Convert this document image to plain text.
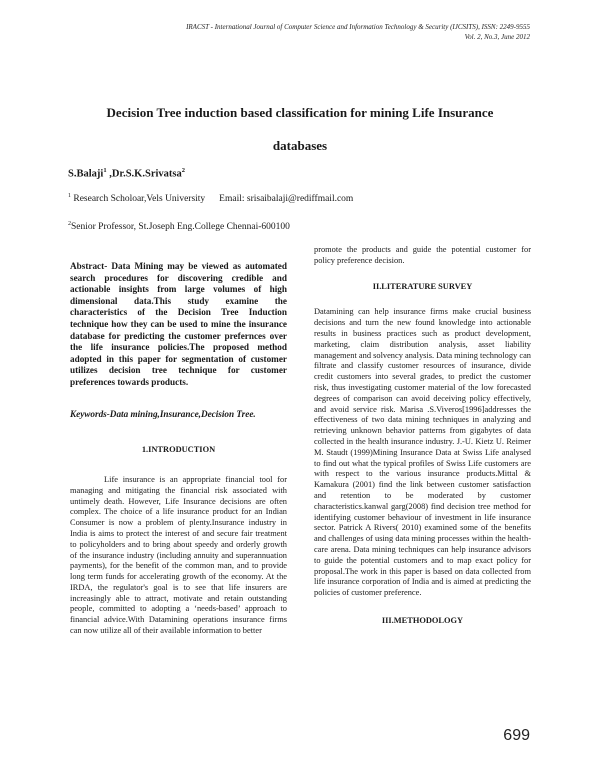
IRACST - International Journal of Computer Science and Information Technology & Security (IJCSITS), ISSN: 2249-9555
Vol. 2, No.3, June 2012
Decision Tree induction based classification for mining Life Insurance
databases
S.Balaji$^1$ ,Dr.S.K.Srivatsa$^2$
$^1$ Research Scholoar,Vels University Email: srisaibalaji@rediffmail.com
$^2$Senior Professor, St.Joseph Eng.College Chennai-600100

Abstract- Data Mining may be viewed as automated search procedures for discovering credible and actionable insights from large volumes of high dimensional data.This study examine the characteristics of the Decision Tree Induction technique how they can be used to mine the insurance database for predicting the customer prefernces over the life insurance policies.The proposed method adopted in this paper for segmentation of customer utilizes decision tree technique for customer preferences towards products.

Keywords-Data mining,Insurance,Decision Tree.

1.INTRODUCTION

Life insurance is an appropriate financial tool for managing and mitigating the financial risk associated with untimely death. However, Life Insurance decisions are often complex. The choice of a life insurance product for an Indian Consumer is now a problem of plenty.Insurance industry in India is aims to protect the interest of and secure fair treatment to policyholders and to bring about speedy and orderly growth of the insurance industry (including annuity and superannuation payments), for the benefit of the common man, and to provide long term funds for accelerating growth of the economy. At the IRDA, the regulator's goal is to see that life insurers are increasingly able to attract, motivate and retain outstanding people, committed to adopting a ‘needs-based’ approach to financial advice.With Datamining operations insurance firms can now utilize all of their available information to better

promote the products and guide the potential customer for policy preference decision.

II.LITERATURE SURVEY

Datamining can help insurance firms make crucial business decisions and turn the new found knowledge into actionable results in business practices such as product development, marketing, claim distribution analysis, asset liability management and solvency analysis. Data mining technology can filtrate and classify customer resources of insurance, divide credit customers into several grades, to predict the customer risk, thus investigating customer material of the low forecasted degrees of comparison can avoid deceiving policy effectively, and avoid service risk. Marisa .S.Viveros[1996]addresses the effectiveness of two data mining techniques in analyzing and retrieving unknown behavior patterns from gigabytes of data collected in the health insurance industry. J.-U. Kietz U. Reimer M. Staudt (1999)Mining Insurance Data at Swiss Life analysed to find out what the typical profiles of Swiss Life customers are with respect to the various insurance products.Mittal & Kamakura (2001) find the link between customer satisfaction and retention to be moderated by customer characteristics.kanwal garg(2008) find decision tree method for identifying customer behaviour of investment in life insurance sector. Patrick A Rivers( 2010) examined some of the benefits and challenges of using data mining processes within the health-care arena. Data mining techniques can help insurance advisors to guide the potential customers and to map exact policy for proposal.The work in this paper is based on data collected from life insurance corporation of India and is aimed at predicting the policies of customer preference.

III.METHODOLOGY

699
